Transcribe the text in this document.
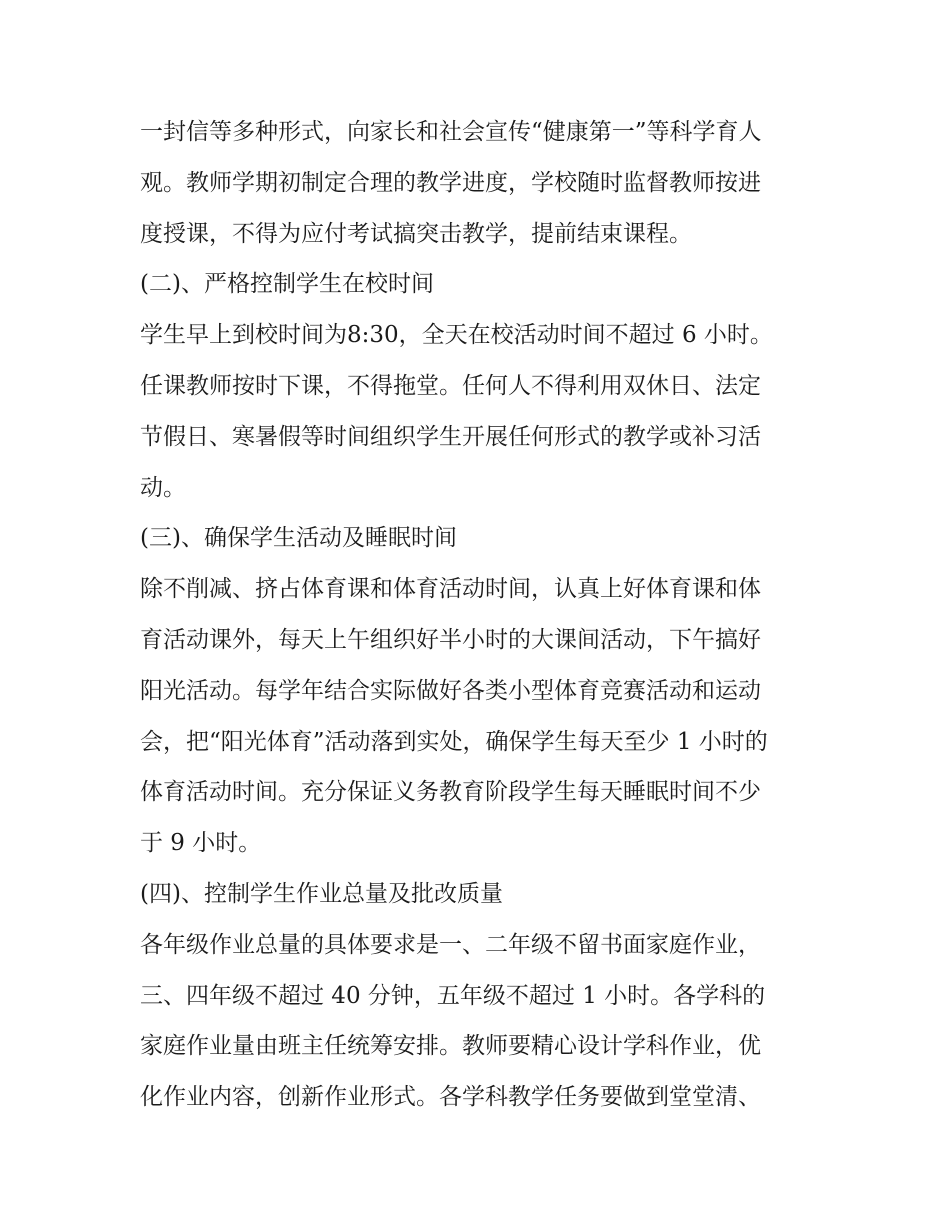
一封信等多种形式，向家长和社会宣传“健康第一”等科学育人
观。教师学期初制定合理的教学进度，学校随时监督教师按进
度授课，不得为应付考试搞突击教学，提前结束课程。
(二)、严格控制学生在校时间
学生早上到校时间为8:30，全天在校活动时间不超过 6 小时。
任课教师按时下课，不得拖堂。任何人不得利用双休日、法定
节假日、寒暑假等时间组织学生开展任何形式的教学或补习活
动。
(三)、确保学生活动及睡眠时间
除不削减、挤占体育课和体育活动时间，认真上好体育课和体
育活动课外，每天上午组织好半小时的大课间活动，下午搞好
阳光活动。每学年结合实际做好各类小型体育竞赛活动和运动
会，把“阳光体育”活动落到实处，确保学生每天至少 1 小时的
体育活动时间。充分保证义务教育阶段学生每天睡眠时间不少
于 9 小时。
(四)、控制学生作业总量及批改质量
各年级作业总量的具体要求是一、二年级不留书面家庭作业，
三、四年级不超过 40 分钟，五年级不超过 1 小时。各学科的
家庭作业量由班主任统筹安排。教师要精心设计学科作业，优
化作业内容，创新作业形式。各学科教学任务要做到堂堂清、
